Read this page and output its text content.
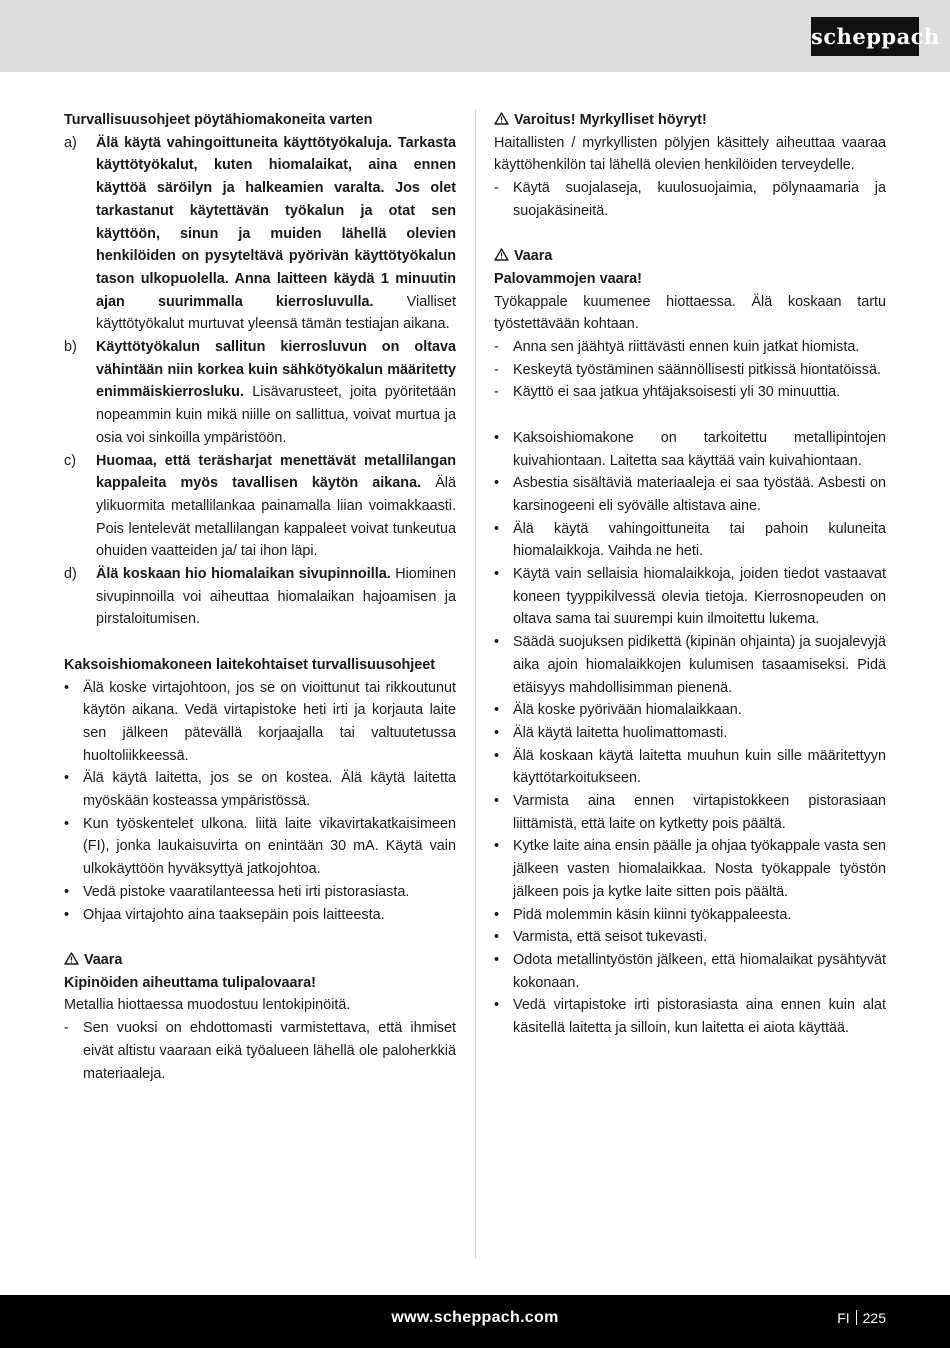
scheppach
Turvallisuusohjeet pöytähiomakoneita varten
a)	Älä käytä vahingoittuneita käyttötyökaluja. Tarkasta käyttötyökalut, kuten hiomalaikat, aina ennen käyttöä säröilyn ja halkeamien varalta. Jos olet tarkastanut käytettävän työkalun ja otat sen käyttöön, sinun ja muiden lähellä olevien henkilöiden on pysyteltävä pyörivän käyttötyökalun tason ulkopuolella. Anna laitteen käydä 1 minuutin ajan suurimmalla kierrosluvulla. Vialliset käyttötyökalut murtuvat yleensä tämän testiajan aikana.
b)	Käyttötyökalun sallitun kierrosluvun on oltava vähintään niin korkea kuin sähkötyökalun määritetty enimmäiskierrosluku. Lisävarusteet, joita pyöritetään nopeammin kuin mikä niille on sallittua, voivat murtua ja osia voi sinkoilla ympäristöön.
c)	Huomaa, että teräsharjat menettävät metallilangan kappaleita myös tavallisen käytön aikana. Älä ylikuormita metallilankaa painamalla liian voimakkaasti. Pois lentelevät metallilangan kappaleet voivat tunkeutua ohuiden vaatteiden ja/ tai ihon läpi.
d)	Älä koskaan hio hiomalaikan sivupinnoilla. Hiominen sivupinnoilla voi aiheuttaa hiomalaikan hajoamisen ja pirstaloitumisen.
Kaksoishiomakoneen laitekohtaiset turvallisuusohjeet
• Älä koske virtajohtoon, jos se on vioittunut tai rikkoutunut käytön aikana. Vedä virtapistoke heti irti ja korjauta laite sen jälkeen pätevällä korjaajalla tai valtuutetussa huoltoliikkeessä.
• Älä käytä laitetta, jos se on kostea. Älä käytä laitetta myöskään kosteassa ympäristössä.
• Kun työskentelet ulkona. liitä laite vikavirtakatkaisimeen (FI), jonka laukaisuvirta on enintään 30 mA. Käytä vain ulkokäyttöön hyväksyttyä jatkojohtoa.
• Vedä pistoke vaaratilanteessa heti irti pistorasiasta.
• Ohjaa virtajohto aina taaksepäin pois laitteesta.
Vaara
Kipinöiden aiheuttama tulipalovaara!
Metallia hiottaessa muodostuu lentokipinöitä.
- Sen vuoksi on ehdottomasti varmistettava, että ihmiset eivät altistu vaaraan eikä työalueen lähellä ole paloherkkiä materiaaleja.
Varoitus! Myrkylliset höyryt!
Haitallisten / myrkyllisten pölyjen käsittely aiheuttaa vaaraa käyttöhenkilön tai lähellä olevien henkilöiden terveydelle.
- Käytä suojalaseja, kuulosuojaimia, pölynaamaria ja suojakäsineitä.
Vaara
Palovammojen vaara!
Työkappale kuumenee hiottaessa. Älä koskaan tartu työstettävään kohtaan.
- Anna sen jäähtyä riittävästi ennen kuin jatkat hiomista.
- Keskeytä työstäminen säännöllisesti pitkissä hiontatöissä.
- Käyttö ei saa jatkua yhtäjaksoisesti yli 30 minuuttia.
• Kaksoishiomakone on tarkoitettu metallipintojen kuivahiontaan. Laitetta saa käyttää vain kuivahiontaan.
• Asbestia sisältäviä materiaaleja ei saa työstää. Asbesti on karsinogeeni eli syövälle altistava aine.
• Älä käytä vahingoittuneita tai pahoin kuluneita hiomalaikkoja. Vaihda ne heti.
• Käytä vain sellaisia hiomalaikkoja, joiden tiedot vastaavat koneen tyyppikilvessä olevia tietoja. Kierrosnopeuden on oltava sama tai suurempi kuin ilmoitettu lukema.
• Säädä suojuksen pidikettä (kipinän ohjainta) ja suojalevyjä aika ajoin hiomalaikkojen kulumisen tasaamiseksi. Pidä etäisyys mahdollisimman pienenä.
• Älä koske pyörivään hiomalaikkaan.
• Älä käytä laitetta huolimattomasti.
• Älä koskaan käytä laitetta muuhun kuin sille määritettyyn käyttötarkoitukseen.
• Varmista aina ennen virtapistokkeen pistorasiaan liittämistä, että laite on kytketty pois päältä.
• Kytke laite aina ensin päälle ja ohjaa työkappale vasta sen jälkeen vasten hiomalaikkaa. Nosta työkappale työstön jälkeen pois ja kytke laite sitten pois päältä.
• Pidä molemmin käsin kiinni työkappaleesta.
• Varmista, että seisot tukevasti.
• Odota metallintyöstön jälkeen, että hiomalaikat pysähtyvät kokonaan.
• Vedä virtapistoke irti pistorasiasta aina ennen kuin alat käsitellä laitetta ja silloin, kun laitetta ei aiota käyttää.
www.scheppach.com	FI 225
